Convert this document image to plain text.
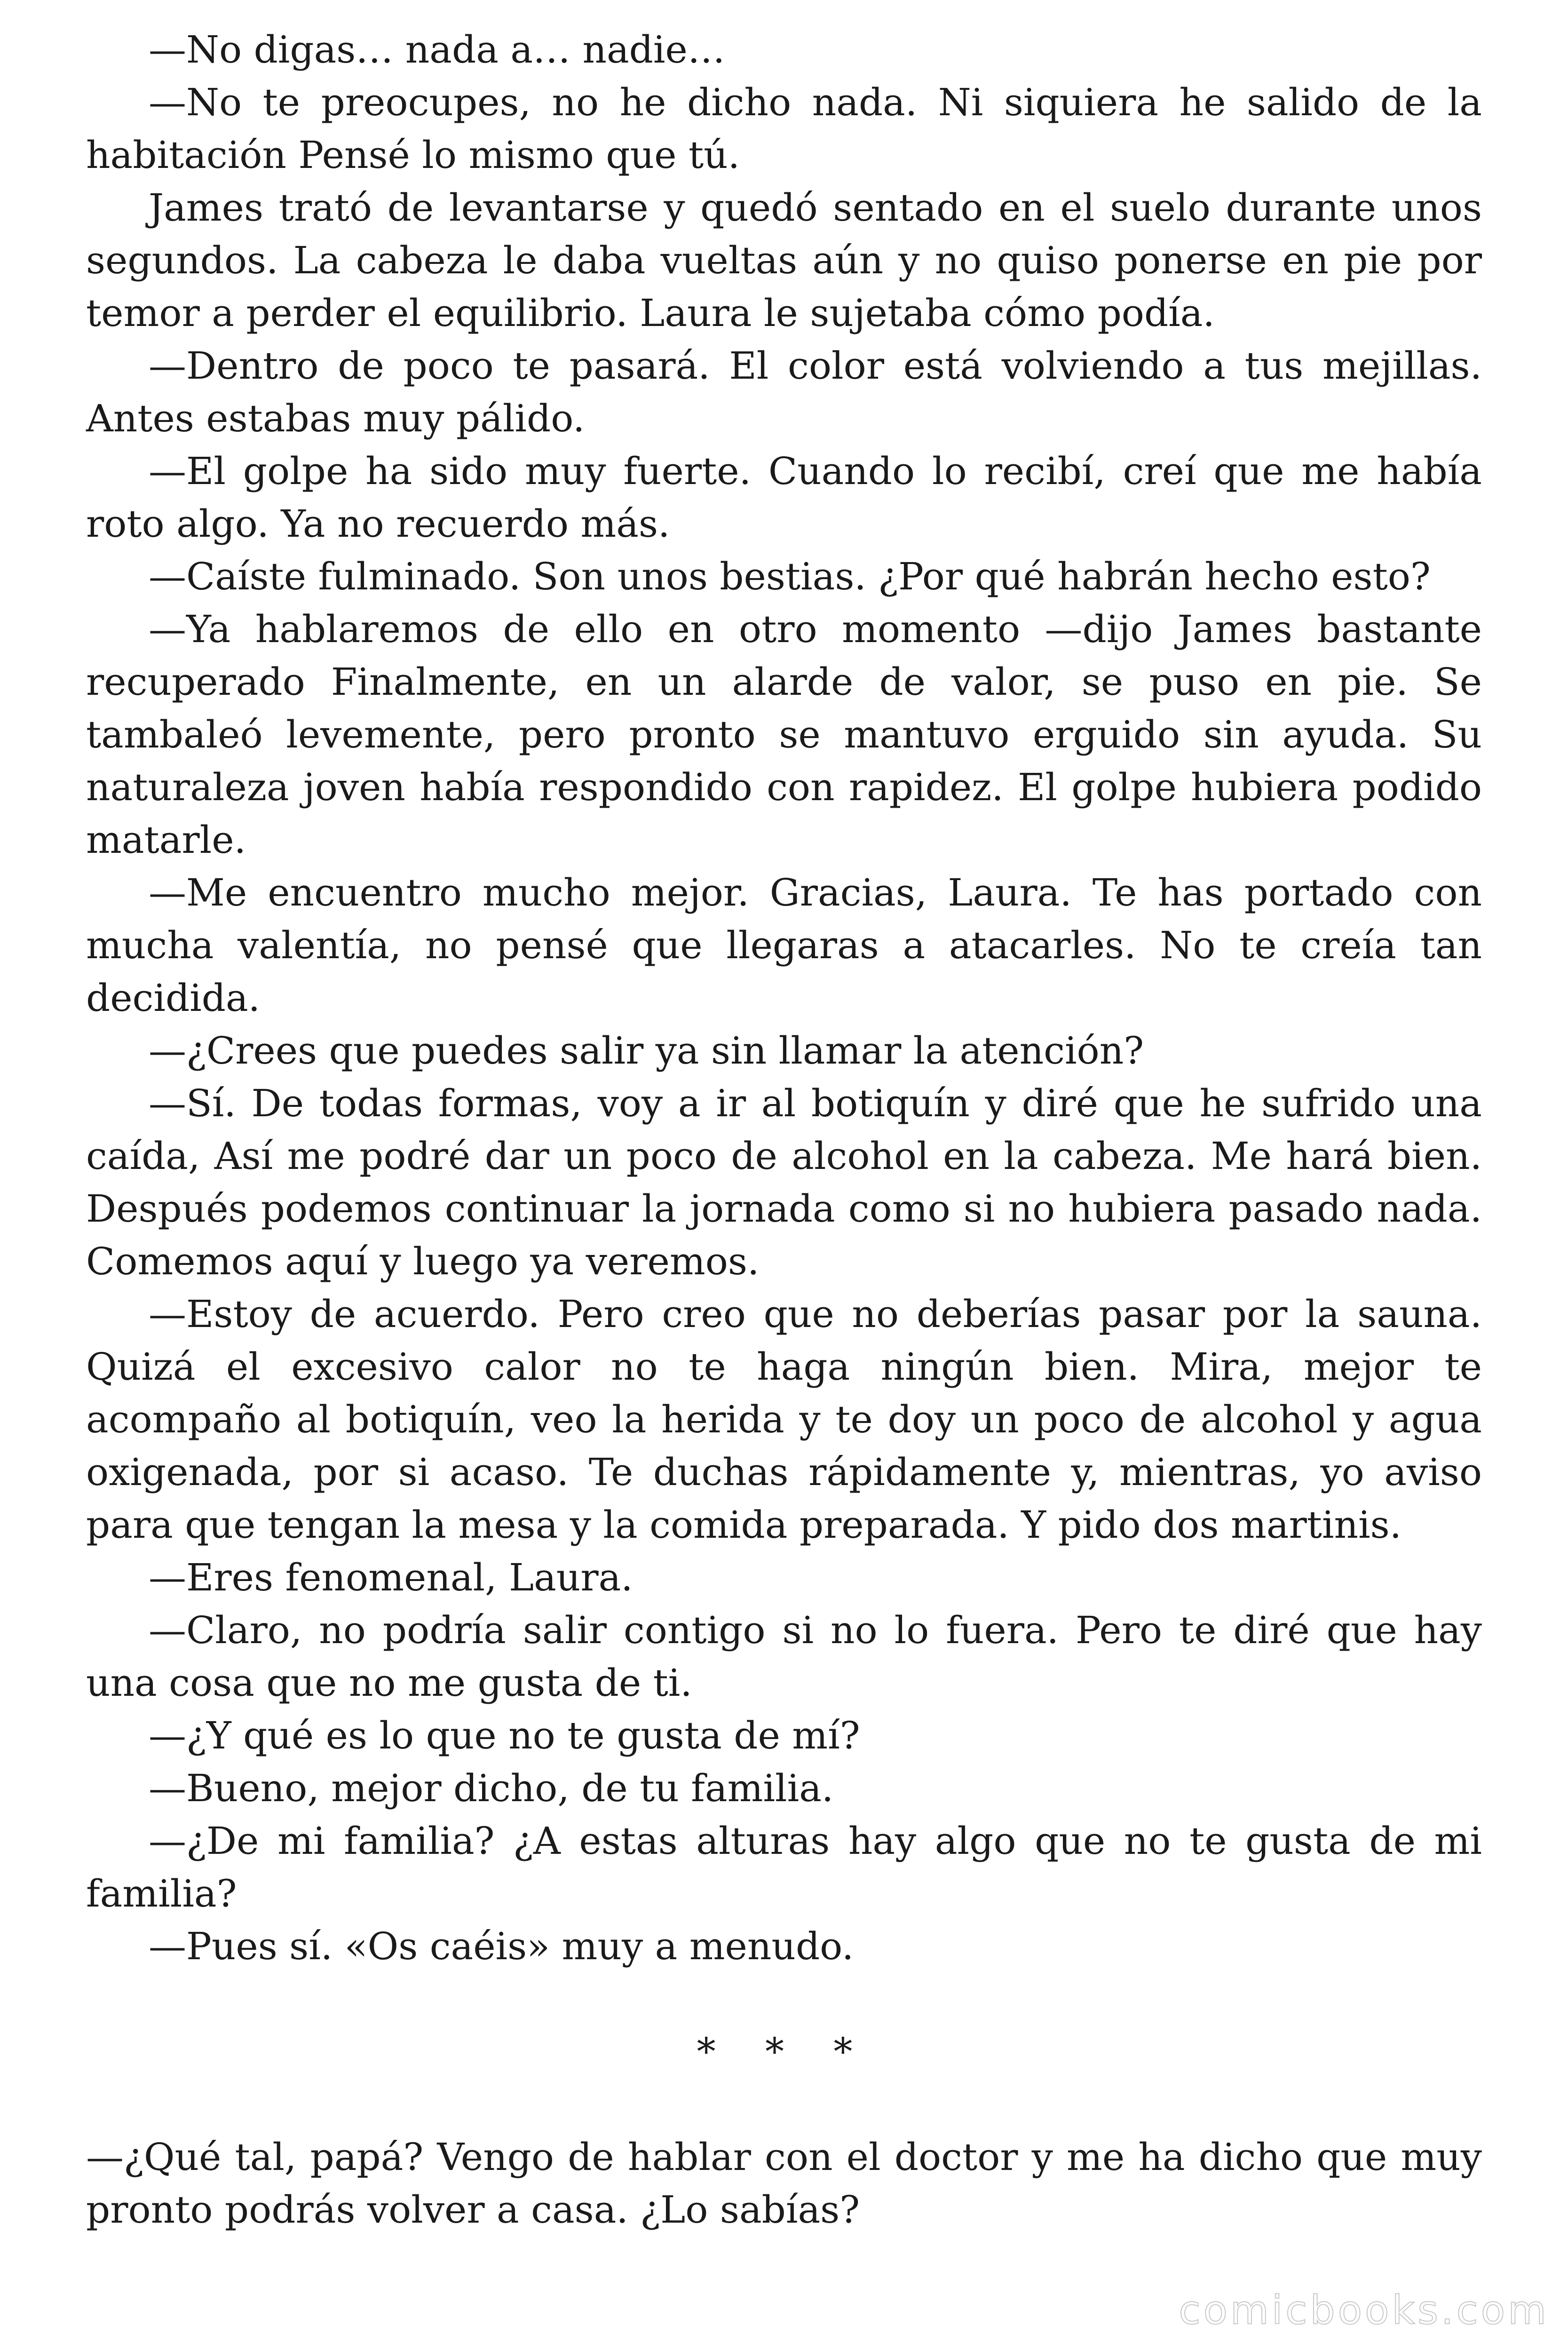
—No digas… nada a… nadie…

—No te preocupes, no he dicho nada. Ni siquiera he salido de la habitación Pensé lo mismo que tú.

James trató de levantarse y quedó sentado en el suelo durante unos segundos. La cabeza le daba vueltas aún y no quiso ponerse en pie por temor a perder el equilibrio. Laura le sujetaba cómo podía.

—Dentro de poco te pasará. El color está volviendo a tus mejillas. Antes estabas muy pálido.

—El golpe ha sido muy fuerte. Cuando lo recibí, creí que me había roto algo. Ya no recuerdo más.

—Caíste fulminado. Son unos bestias. ¿Por qué habrán hecho esto?

—Ya hablaremos de ello en otro momento —dijo James bastante recuperado Finalmente, en un alarde de valor, se puso en pie. Se tambaleó levemente, pero pronto se mantuvo erguido sin ayuda. Su naturaleza joven había respondido con rapidez. El golpe hubiera podido matarle.

—Me encuentro mucho mejor. Gracias, Laura. Te has portado con mucha valentía, no pensé que llegaras a atacarles. No te creía tan decidida.

—¿Crees que puedes salir ya sin llamar la atención?

—Sí. De todas formas, voy a ir al botiquín y diré que he sufrido una caída, Así me podré dar un poco de alcohol en la cabeza. Me hará bien. Después podemos continuar la jornada como si no hubiera pasado nada. Comemos aquí y luego ya veremos.

—Estoy de acuerdo. Pero creo que no deberías pasar por la sauna. Quizá el excesivo calor no te haga ningún bien. Mira, mejor te acompaño al botiquín, veo la herida y te doy un poco de alcohol y agua oxigenada, por si acaso. Te duchas rápidamente y, mientras, yo aviso para que tengan la mesa y la comida preparada. Y pido dos martinis.

—Eres fenomenal, Laura.

—Claro, no podría salir contigo si no lo fuera. Pero te diré que hay una cosa que no me gusta de ti.

—¿Y qué es lo que no te gusta de mí?

—Bueno, mejor dicho, de tu familia.

—¿De mi familia? ¿A estas alturas hay algo que no te gusta de mi familia?

—Pues sí. «Os caéis» muy a menudo.

* * *

—¿Qué tal, papá? Vengo de hablar con el doctor y me ha dicho que muy pronto podrás volver a casa. ¿Lo sabías?

comicbooks.com
